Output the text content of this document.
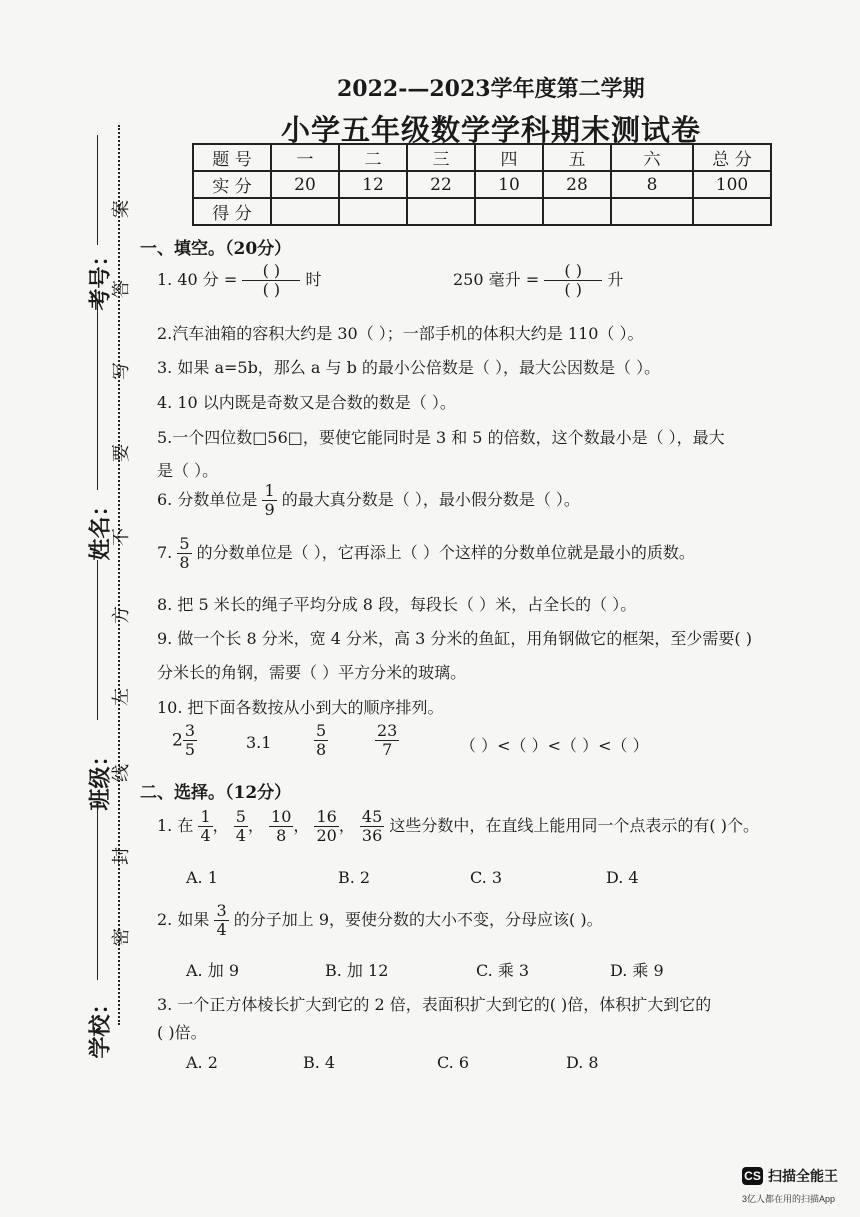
2022-—2023学年度第二学期
小学五年级数学学科期末测试卷
题 号	一	二	三	四	五	六	总 分
实 分	20	12	22	10	28	8	100
得 分							
考号：
姓名：
班级：
学校：
案
答
写
要
不
方
左
线
封
密
一、填空。（20分）
1. 40 分 = $\frac{( )}{( )}$ 时	250 毫升 = $\frac{( )}{( )}$ 升
2.汽车油箱的容积大约是 30（ ）；一部手机的体积大约是 110（ ）。
3. 如果 a=5b，那么 a 与 b 的最小公倍数是（ ），最大公因数是（ ）。
4. 10 以内既是奇数又是合数的数是（ ）。
5.一个四位数□56□，要使它能同时是 3 和 5 的倍数，这个数最小是（ ），最大
是（ ）。
6. 分数单位是 $\frac{1}{9}$ 的最大真分数是（ ），最小假分数是（ ）。
7. $\frac{5}{8}$ 的分数单位是（ ），它再添上（ ）个这样的分数单位就是最小的质数。
8. 把 5 米长的绳子平均分成 8 段，每段长（ ）米，占全长的（ ）。
9. 做一个长 8 分米，宽 4 分米，高 3 分米的鱼缸，用角钢做它的框架，至少需要( )
分米长的角钢，需要（ ）平方分米的玻璃。
10. 把下面各数按从小到大的顺序排列。
$2 \frac{3}{5}$	3.1	$\frac{5}{8}$	$\frac{23}{7}$	（ ）<（ ）<（ ）<（ ）
二、选择。（12分）
1. 在 $\frac{1}{4}$ ， $\frac{5}{4}$ ， $\frac{10}{8}$ ， $\frac{16}{20}$ ， $\frac{45}{36}$ 这些分数中，在直线上能用同一个点表示的有( )个。
A. 1	B. 2	C. 3	D. 4
2. 如果 $\frac{3}{4}$ 的分子加上 9，要使分数的大小不变，分母应该( )。
A. 加 9	B. 加 12	C. 乘 3	D. 乘 9
3. 一个正方体棱长扩大到它的 2 倍，表面积扩大到它的( )倍，体积扩大到它的
( )倍。
A. 2	B. 4	C. 6	D. 8
CS 扫描全能王
3亿人都在用的扫描App
